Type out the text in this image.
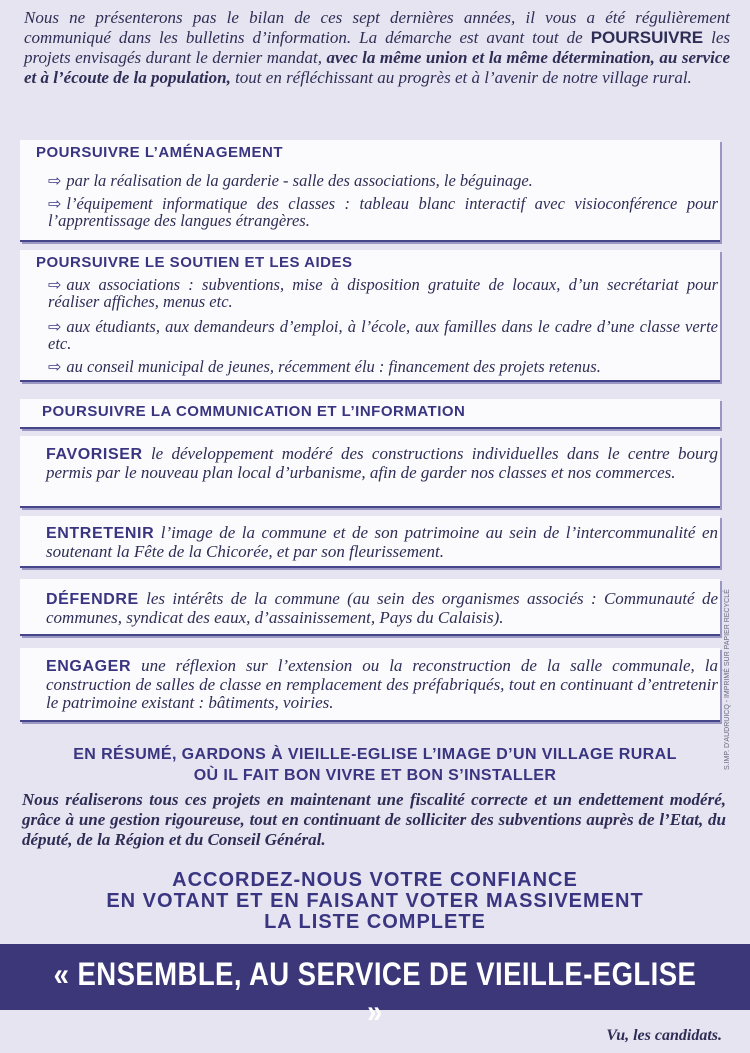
Nous ne présenterons pas le bilan de ces sept dernières années, il vous a été régulièrement communiqué dans les bulletins d’information. La démarche est avant tout de POURSUIVRE les projets envisagés durant le dernier mandat, avec la même union et la même détermination, au service et à l’écoute de la population, tout en réfléchissant au progrès et à l’avenir de notre village rural.
POURSUIVRE L’AMÉNAGEMENT
⇨ par la réalisation de la garderie - salle des associations, le béguinage.
⇨ l’équipement informatique des classes : tableau blanc interactif avec visioconférence pour l’apprentissage des langues étrangères.
POURSUIVRE LE SOUTIEN ET LES AIDES
⇨ aux associations : subventions, mise à disposition gratuite de locaux, d’un secrétariat pour réaliser affiches, menus etc.
⇨ aux étudiants, aux demandeurs d’emploi, à l’école, aux familles dans le cadre d’une classe verte etc.
⇨ au conseil municipal de jeunes, récemment élu : financement des projets retenus.
POURSUIVRE LA COMMUNICATION ET L’INFORMATION
FAVORISER le développement modéré des constructions individuelles dans le centre bourg permis par le nouveau plan local d’urbanisme, afin de garder nos classes et nos commerces.
ENTRETENIR l’image de la commune et de son patrimoine au sein de l’intercommunalité en soutenant la Fête de la Chicorée, et par son fleurissement.
DÉFENDRE les intérêts de la commune (au sein des organismes associés : Communauté de communes, syndicat des eaux, d’assainissement, Pays du Calaisis).
ENGAGER une réflexion sur l’extension ou la reconstruction de la salle communale, la construction de salles de classe en remplacement des préfabriqués, tout en continuant d’entretenir le patrimoine existant : bâtiments, voiries.
EN RÉSUMÉ, GARDONS À VIEILLE-EGLISE L’IMAGE D’UN VILLAGE RURAL
OÙ IL FAIT BON VIVRE ET BON S’INSTALLER
Nous réaliserons tous ces projets en maintenant une fiscalité correcte et un endettement modéré, grâce à une gestion rigoureuse, tout en continuant de solliciter des subventions auprès de l’Etat, du député, de la Région et du Conseil Général.
ACCORDEZ-NOUS VOTRE CONFIANCE
EN VOTANT ET EN FAISANT VOTER MASSIVEMENT
LA LISTE COMPLETE
« ENSEMBLE, AU SERVICE DE VIEILLE-EGLISE »
Vu, les candidats.
S.IMP. D'AUDRUICQ - IMPRIMÉ SUR PAPIER RECYCLÉ
